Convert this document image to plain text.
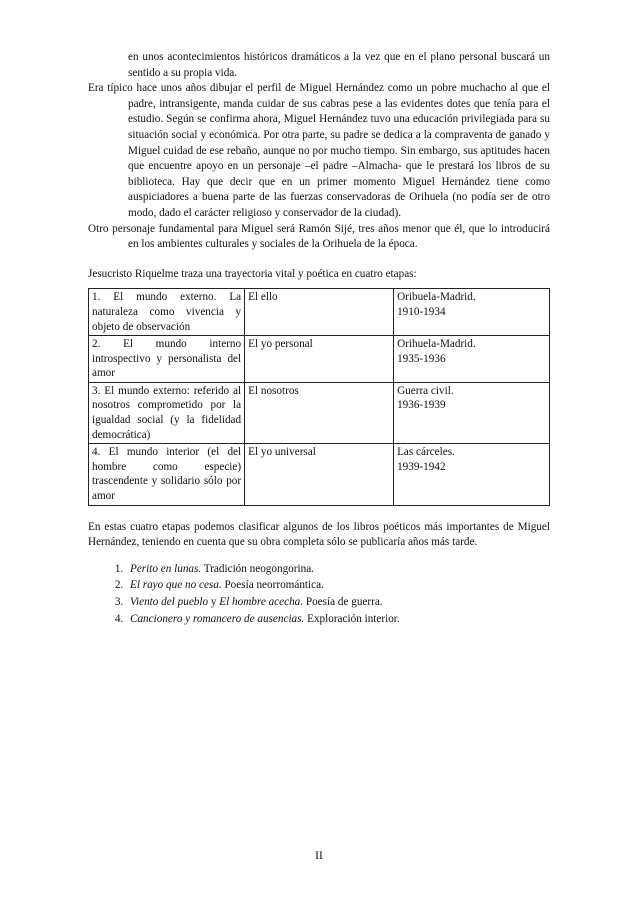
en unos acontecimientos históricos dramáticos a la vez que en el plano personal buscará un sentido a su propia vida.

Era típico hace unos años dibujar el perfil de Miguel Hernández como un pobre muchacho al que el padre, intransigente, manda cuidar de sus cabras pese a las evidentes dotes que tenía para el estudio. Según se confirma ahora, Miguel Hernández tuvo una educación privilegiada para su situación social y económica. Por otra parte, su padre se dedica a la compraventa de ganado y Miguel cuidad de ese rebaño, aunque no por mucho tiempo. Sin embargo, sus aptitudes hacen que encuentre apoyo en un personaje –el padre –Almacha- que le prestará los libros de su biblioteca. Hay que decir que en un primer momento Miguel Hernández tiene como auspiciadores a buena parte de las fuerzas conservadoras de Orihuela (no podía ser de otro modo, dado el carácter religioso y conservador de la ciudad).

Otro personaje fundamental para Miguel será Ramón Sijé, tres años menor que él, que lo introducirá en los ambientes culturales y sociales de la Orihuela de la época.

Jesucristo Riquelme traza una trayectoria vital y poética en cuatro etapas:

1. El mundo externo. La naturaleza como vivencia y objeto de observación	El ello	Oribuela-Madrid.
1910-1934

2. El mundo interno introspectivo y personalista del amor	El yo personal	Orihuela-Madrid.
1935-1936

3. El mundo externo: referido al nosotros comprometido por la igualdad social (y la fidelidad democrática)	El nosotros	Guerra civil.
1936-1939

4. El mundo interior (el del hombre como especie) trascendente y solidario sólo por amor	El yo universal	Las cárceles.
1939-1942

En estas cuatro etapas podemos clasificar algunos de los libros poéticos más importantes de Miguel Hernández, teniendo en cuenta que su obra completa sólo se publicaría años más tarde.

1. Perito en lunas. Tradición neogongorina.
2. El rayo que no cesa. Poesía neorromántica.
3. Viento del pueblo y El hombre acecha. Poesía de guerra.
4. Cancionero y romancero de ausencias. Exploración interior.
II
